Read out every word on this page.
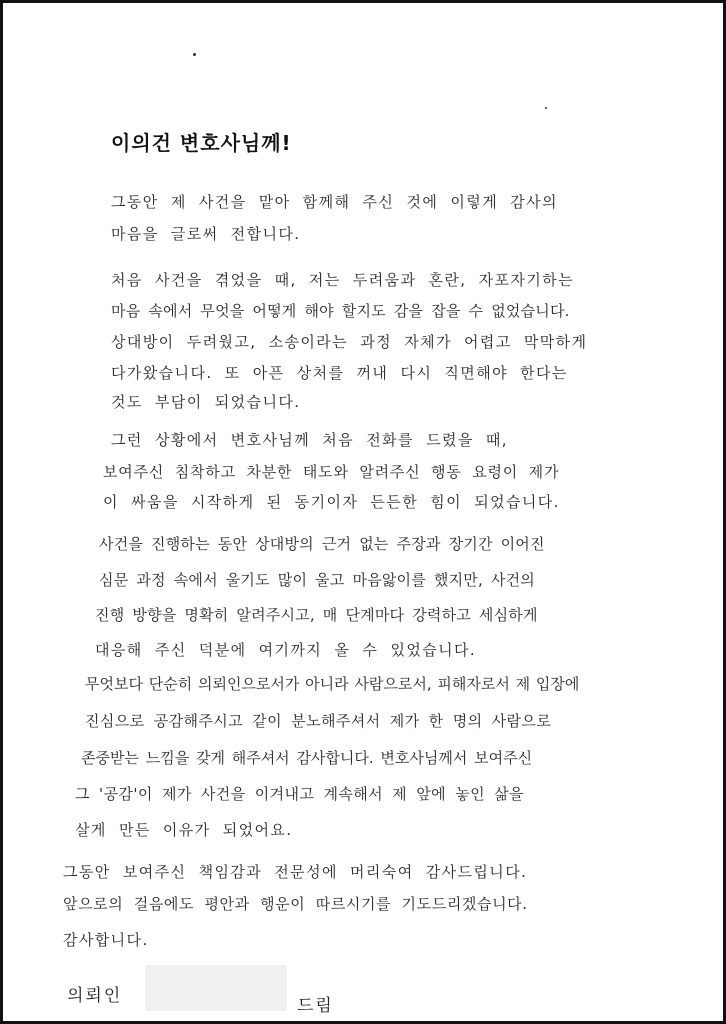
이의건 변호사님께!
그동안 제 사건을 맡아 함께해 주신 것에 이렇게 감사의
마음을 글로써 전합니다.
처음 사건을 겪었을 때, 저는 두려움과 혼란, 자포자기하는
마음 속에서 무엇을 어떻게 해야 할지도 감을 잡을 수 없었습니다.
상대방이 두려웠고, 소송이라는 과정 자체가 어렵고 막막하게
다가왔습니다. 또 아픈 상처를 꺼내 다시 직면해야 한다는
것도 부담이 되었습니다.
그런 상황에서 변호사님께 처음 전화를 드렸을 때,
보여주신 침착하고 차분한 태도와 알려주신 행동 요령이 제가
이 싸움을 시작하게 된 동기이자 든든한 힘이 되었습니다.
사건을 진행하는 동안 상대방의 근거 없는 주장과 장기간 이어진
심문 과정 속에서 울기도 많이 울고 마음앓이를 했지만, 사건의
진행 방향을 명확히 알려주시고, 매 단계마다 강력하고 세심하게
대응해 주신 덕분에 여기까지 올 수 있었습니다.
무엇보다 단순히 의뢰인으로서가 아니라 사람으로서, 피해자로서 제 입장에
진심으로 공감해주시고 같이 분노해주셔서 제가 한 명의 사람으로
존중받는 느낌을 갖게 해주셔서 감사합니다. 변호사님께서 보여주신
그 '공감'이 제가 사건을 이겨내고 계속해서 제 앞에 놓인 삶을
살게 만든 이유가 되었어요.
그동안 보여주신 책임감과 전문성에 머리숙여 감사드립니다.
앞으로의 걸음에도 평안과 행운이 따르시기를 기도드리겠습니다.
감사합니다.
의뢰인	드림
